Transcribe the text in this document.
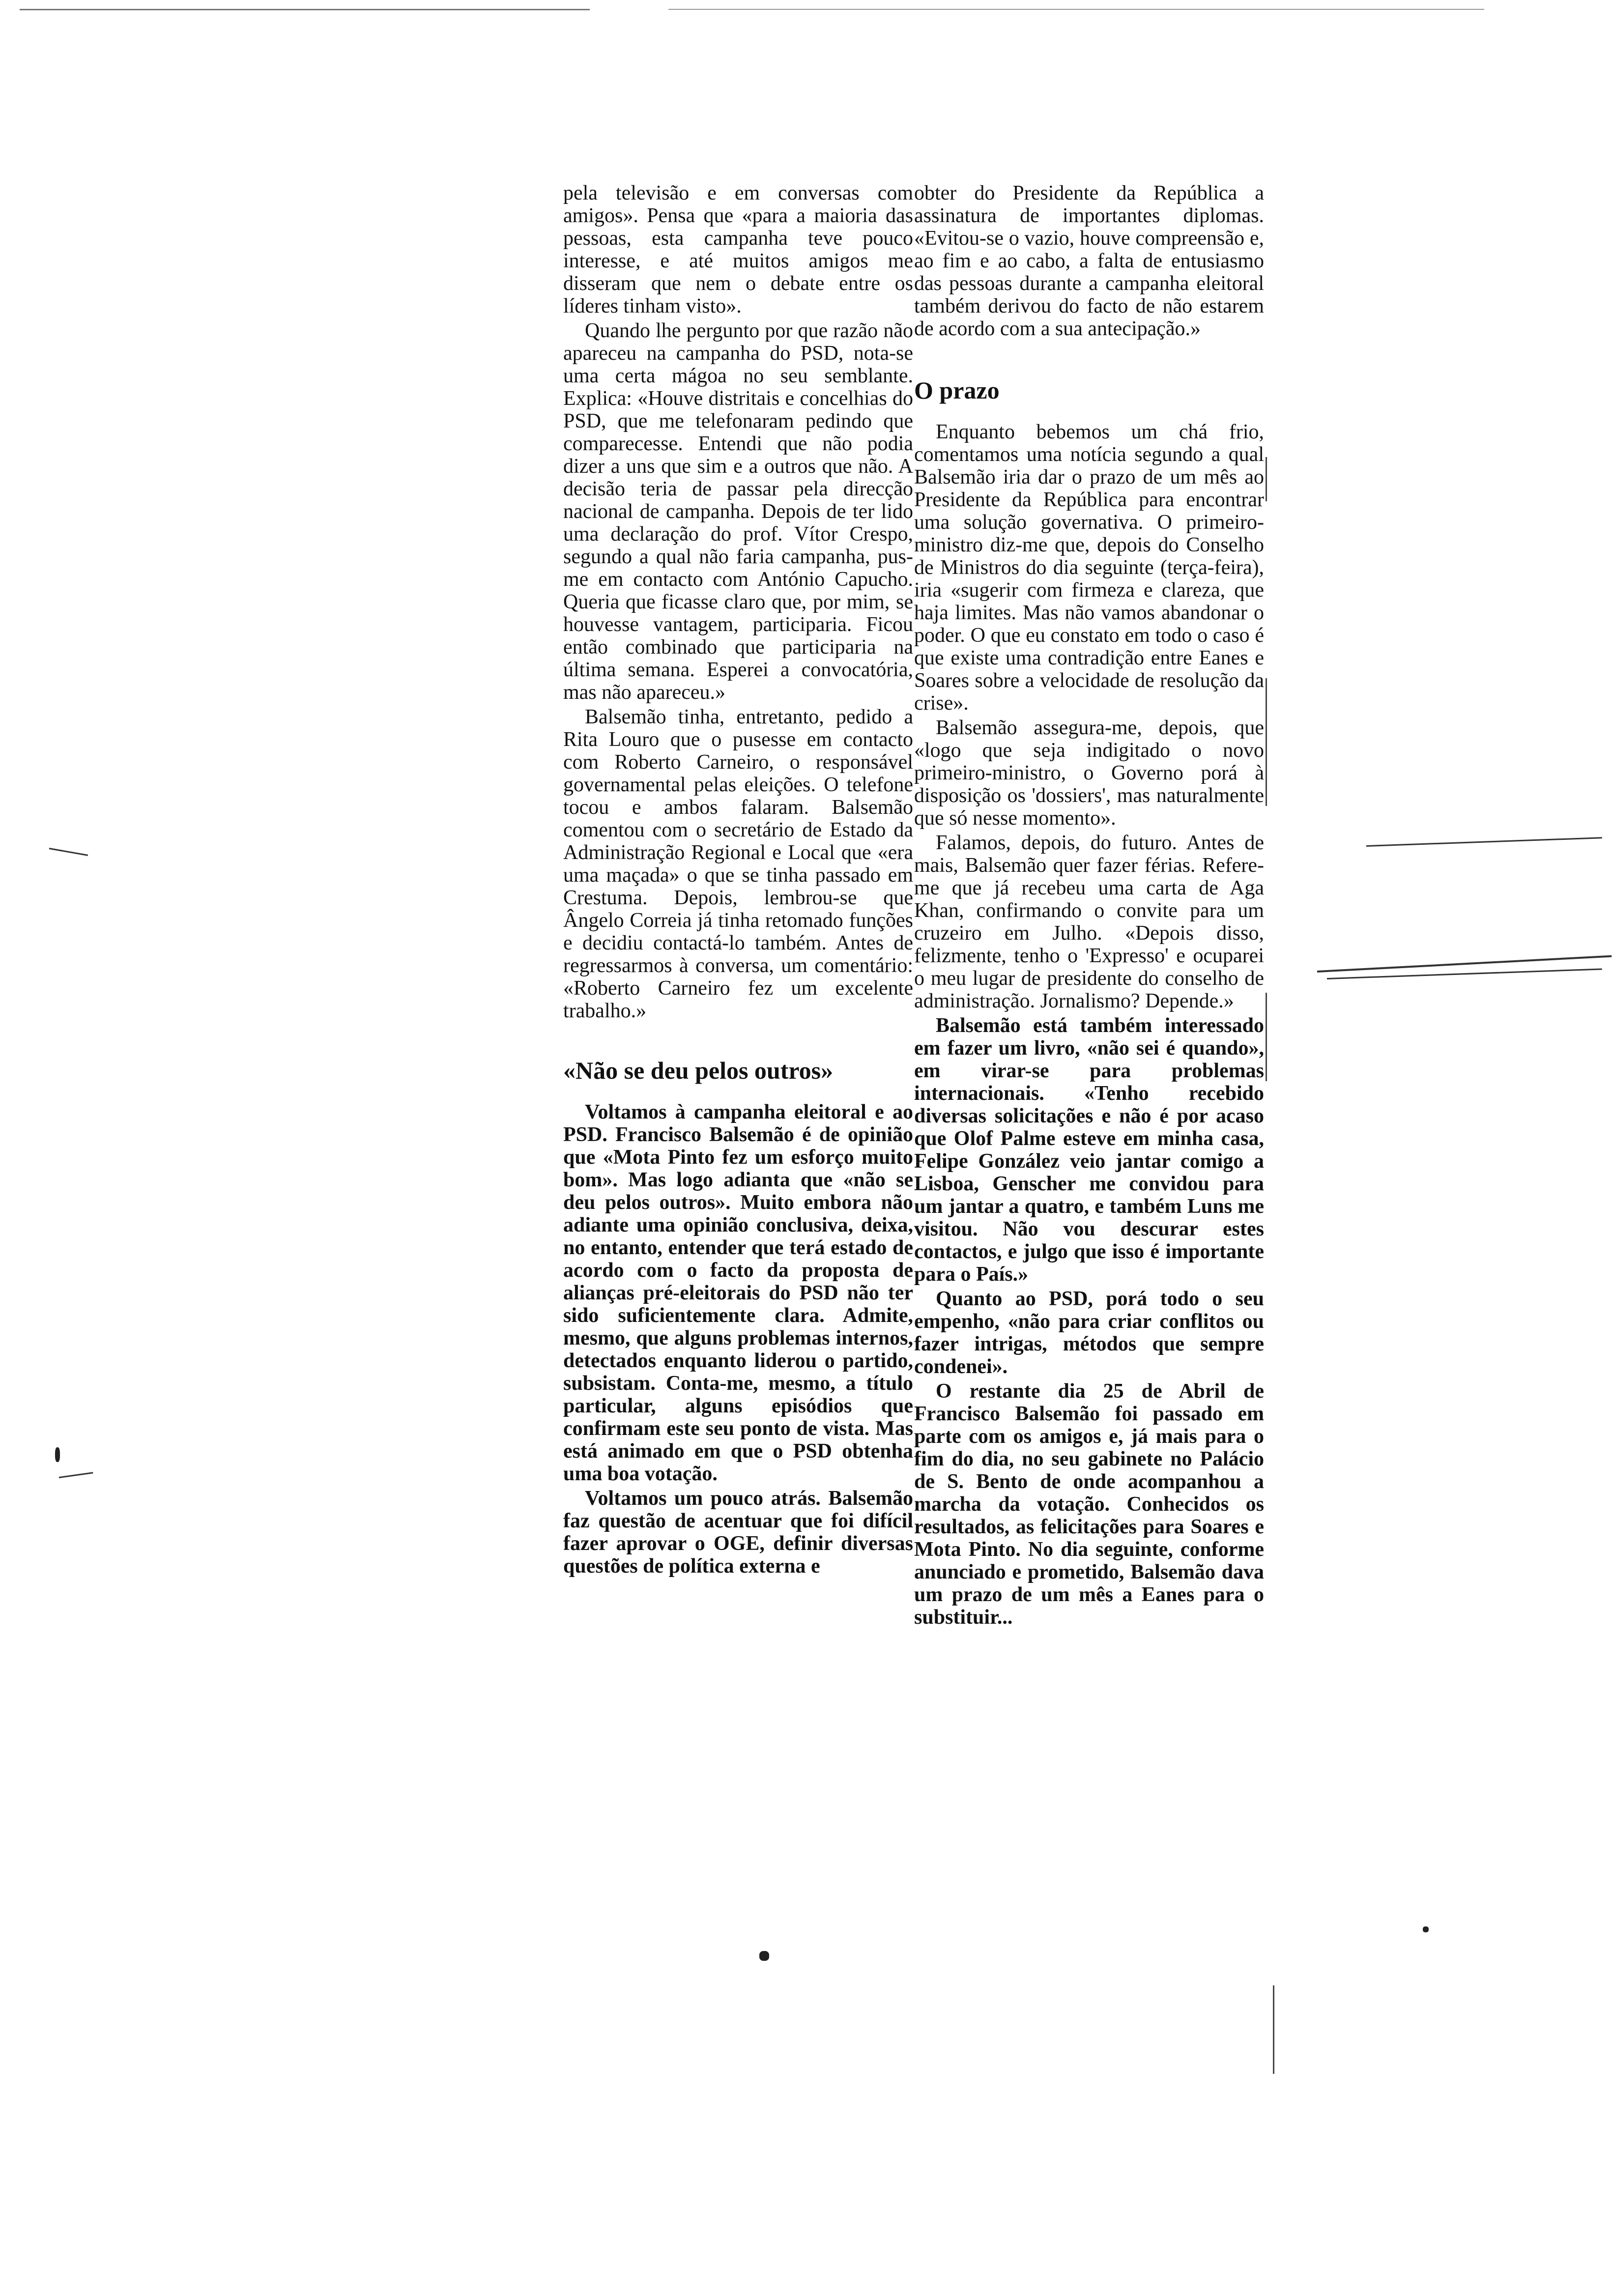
pela televisão e em conversas com amigos». Pensa que «para a maioria das pessoas, esta campanha teve pouco interesse, e até muitos amigos me disseram que nem o debate entre os líderes tinham visto».

Quando lhe pergunto por que razão não apareceu na campanha do PSD, nota-se uma certa mágoa no seu semblante. Explica: «Houve distritais e concelhias do PSD, que me telefonaram pedindo que comparecesse. Entendi que não podia dizer a uns que sim e a outros que não. A decisão teria de passar pela direcção nacional de campanha. Depois de ter lido uma declaração do prof. Vítor Crespo, segundo a qual não faria campanha, pus-me em contacto com António Capucho. Queria que ficasse claro que, por mim, se houvesse vantagem, participaria. Ficou então combinado que participaria na última semana. Esperei a convocatória, mas não apareceu.»

Balsemão tinha, entretanto, pedido a Rita Louro que o pusesse em contacto com Roberto Carneiro, o responsável governamental pelas eleições. O telefone tocou e ambos falaram. Balsemão comentou com o secretário de Estado da Administração Regional e Local que «era uma maçada» o que se tinha passado em Crestuma. Depois, lembrou-se que Ângelo Correia já tinha retomado funções e decidiu contactá-lo também. Antes de regressarmos à conversa, um comentário: «Roberto Carneiro fez um excelente trabalho.»

«Não se deu pelos outros»

Voltamos à campanha eleitoral e ao PSD. Francisco Balsemão é de opinião que «Mota Pinto fez um esforço muito bom». Mas logo adianta que «não se deu pelos outros». Muito embora não adiante uma opinião conclusiva, deixa, no entanto, entender que terá estado de acordo com o facto da proposta de alianças pré-eleitorais do PSD não ter sido suficientemente clara. Admite, mesmo, que alguns problemas internos, detectados enquanto liderou o partido, subsistam. Conta-me, mesmo, a título particular, alguns episódios que confirmam este seu ponto de vista. Mas está animado em que o PSD obtenha uma boa votação.

Voltamos um pouco atrás. Balsemão faz questão de acentuar que foi difícil fazer aprovar o OGE, definir diversas questões de política externa e

obter do Presidente da República a assinatura de importantes diplomas. «Evitou-se o vazio, houve compreensão e, ao fim e ao cabo, a falta de entusiasmo das pessoas durante a campanha eleitoral também derivou do facto de não estarem de acordo com a sua antecipação.»

O prazo

Enquanto bebemos um chá frio, comentamos uma notícia segundo a qual Balsemão iria dar o prazo de um mês ao Presidente da República para encontrar uma solução governativa. O primeiro-ministro diz-me que, depois do Conselho de Ministros do dia seguinte (terça-feira), iria «sugerir com firmeza e clareza, que haja limites. Mas não vamos abandonar o poder. O que eu constato em todo o caso é que existe uma contradição entre Eanes e Soares sobre a velocidade de resolução da crise».

Balsemão assegura-me, depois, que «logo que seja indigitado o novo primeiro-ministro, o Governo porá à disposição os 'dossiers', mas naturalmente que só nesse momento».

Falamos, depois, do futuro. Antes de mais, Balsemão quer fazer férias. Refere-me que já recebeu uma carta de Aga Khan, confirmando o convite para um cruzeiro em Julho. «Depois disso, felizmente, tenho o 'Expresso' e ocuparei o meu lugar de presidente do conselho de administração. Jornalismo? Depende.»

Balsemão está também interessado em fazer um livro, «não sei é quando», em virar-se para problemas internacionais. «Tenho recebido diversas solicitações e não é por acaso que Olof Palme esteve em minha casa, Felipe González veio jantar comigo a Lisboa, Genscher me convidou para um jantar a quatro, e também Luns me visitou. Não vou descurar estes contactos, e julgo que isso é importante para o País.»

Quanto ao PSD, porá todo o seu empenho, «não para criar conflitos ou fazer intrigas, métodos que sempre condenei».

O restante dia 25 de Abril de Francisco Balsemão foi passado em parte com os amigos e, já mais para o fim do dia, no seu gabinete no Palácio de S. Bento de onde acompanhou a marcha da votação. Conhecidos os resultados, as felicitações para Soares e Mota Pinto. No dia seguinte, conforme anunciado e prometido, Balsemão dava um prazo de um mês a Eanes para o substituir...
